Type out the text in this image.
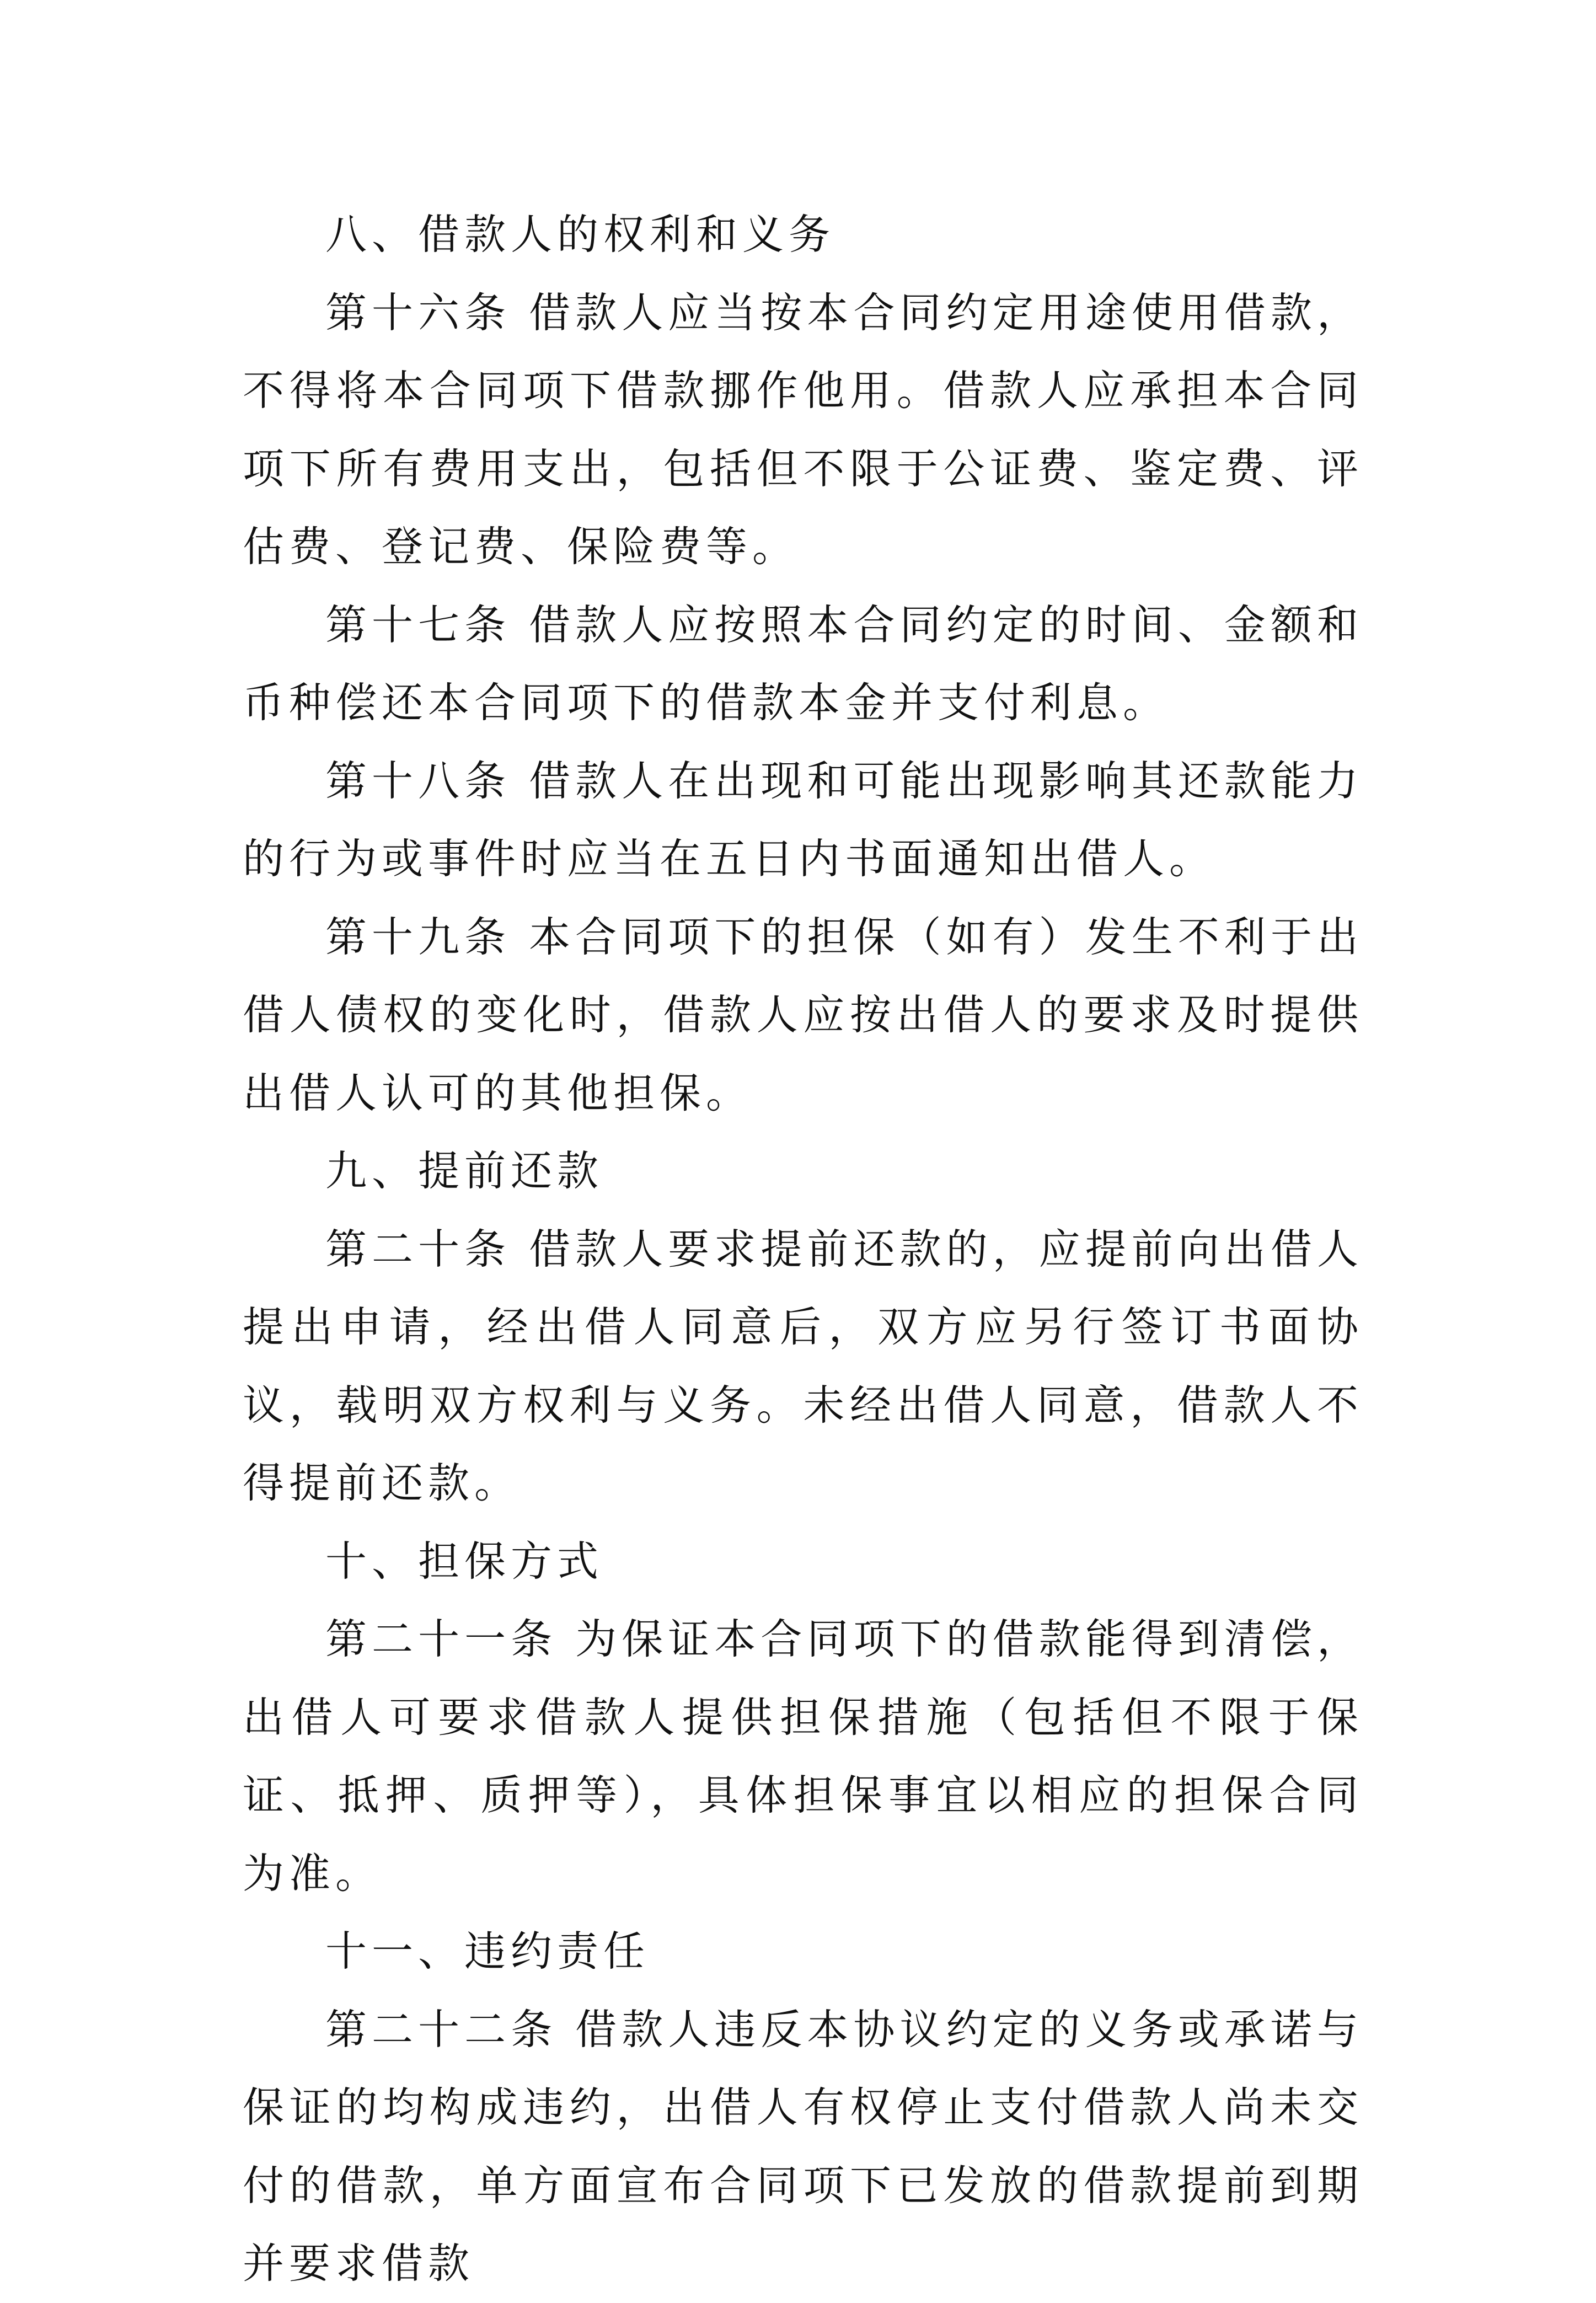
八、借款人的权利和义务

第十六条 借款人应当按本合同约定用途使用借款，不得将本合同项下借款挪作他用。借款人应承担本合同项下所有费用支出，包括但不限于公证费、鉴定费、评估费、登记费、保险费等。

第十七条 借款人应按照本合同约定的时间、金额和币种偿还本合同项下的借款本金并支付利息。

第十八条 借款人在出现和可能出现影响其还款能力的行为或事件时应当在五日内书面通知出借人。

第十九条 本合同项下的担保（如有）发生不利于出借人债权的变化时，借款人应按出借人的要求及时提供出借人认可的其他担保。

九、提前还款

第二十条 借款人要求提前还款的，应提前向出借人提出申请，经出借人同意后，双方应另行签订书面协议，载明双方权利与义务。未经出借人同意，借款人不得提前还款。

十、担保方式

第二十一条 为保证本合同项下的借款能得到清偿，出借人可要求借款人提供担保措施（包括但不限于保证、抵押、质押等），具体担保事宜以相应的担保合同为准。

十一、违约责任

第二十二条 借款人违反本协议约定的义务或承诺与保证的均构成违约，出借人有权停止支付借款人尚未交付的借款，单方面宣布合同项下已发放的借款提前到期并要求借款
